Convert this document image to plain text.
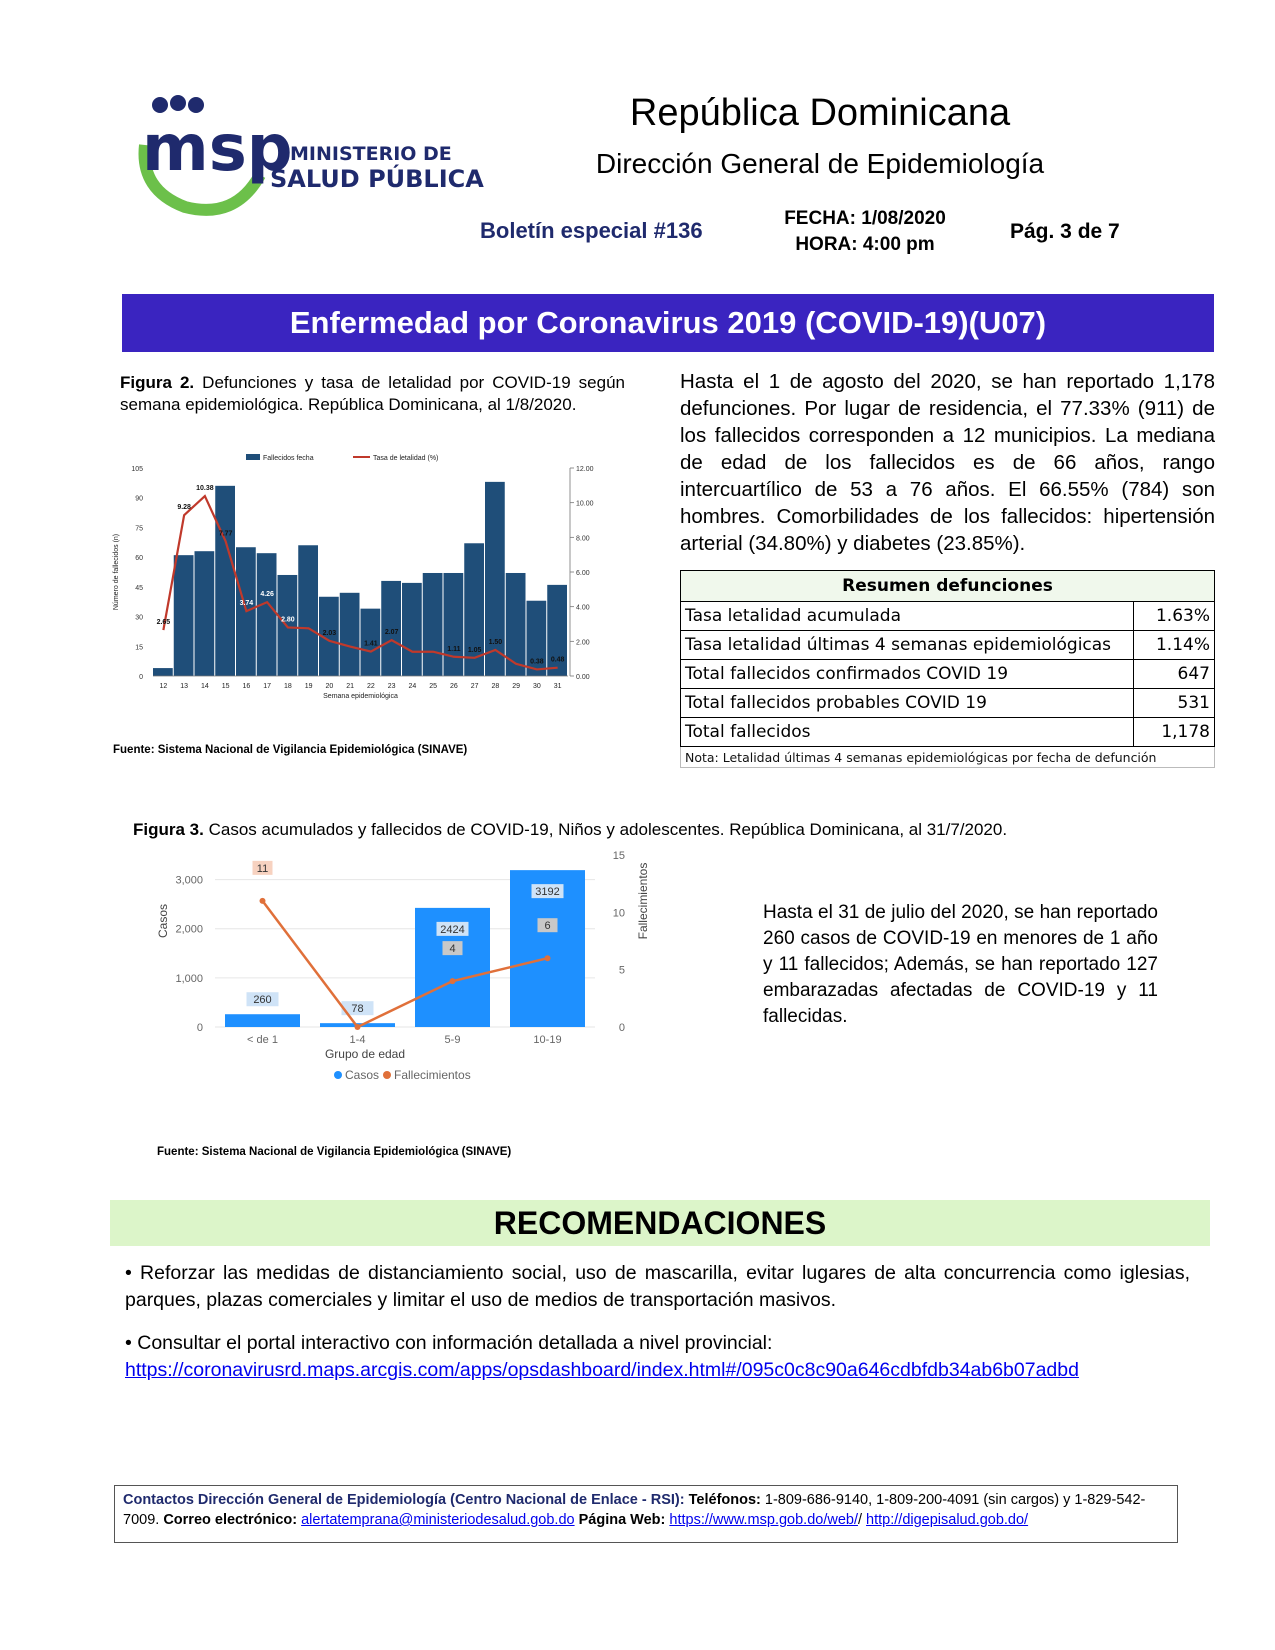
msp
MINISTERIO DE
SALUD PÚBLICA
República Dominicana
Dirección General de Epidemiología
Boletín especial #136	FECHA: 1/08/2020
HORA: 4:00 pm
Pág. 3 de 7
Enfermedad por Coronavirus 2019 (COVID-19)(U07)
Figura 2. Defunciones y tasa de letalidad por COVID-19 según semana epidemiológica. República Dominicana, al 1/8/2020.
0
15
30
45
60
75
90
105
0.00
2.00
4.00
6.00
8.00
10.00
12.00
2.65
9.28
10.38
7.77
3.74
4.26
2.80
2.03
1.41
2.07
1.11 1.05
1.50
0.38 0.48
12 13 14 15 16 17 18 19 20 21 22 23 24 25 26 27 28 29 30 31
Semana epidemiológica
Número de fallecidos (n)
Fallecidos fecha	Tasa de letalidad (%)
Fuente: Sistema Nacional de Vigilancia Epidemiológica (SINAVE)
Hasta el 1 de agosto del 2020, se han reportado 1,178 defunciones. Por lugar de residencia, el 77.33% (911) de los fallecidos corresponden a 12 municipios. La mediana de edad de los fallecidos es de 66 años, rango intercuartílico de 53 a 76 años. El 66.55% (784) son hombres. Comorbilidades de los fallecidos: hipertensión arterial (34.80%) y diabetes (23.85%).
Resumen defunciones	
Tasa letalidad acumulada	1.63%
Tasa letalidad últimas 4 semanas epidemiológicas	1.14%
Total fallecidos confirmados COVID 19	647
Total fallecidos probables COVID 19	531
Total fallecidos	1,178
Nota: Letalidad últimas 4 semanas epidemiológicas por fecha de defunción	
Figura 3. Casos acumulados y fallecidos de COVID-19, Niños y adolescentes. República Dominicana, al 31/7/2020.
0
1,000
2,000
3,000
0
5
10
15
260
78
2424
3192
11
4
6
< de 1	1-4	5-9	10-19
Grupo de edad
Casos	Fallecimientos
Casos Fallecimientos
Fuente: Sistema Nacional de Vigilancia Epidemiológica (SINAVE)
Hasta el 31 de julio del 2020, se han reportado 260 casos de COVID-19 en menores de 1 año y 11 fallecidos; Además, se han reportado 127 embarazadas afectadas de COVID-19 y 11 fallecidas.
RECOMENDACIONES
• Reforzar las medidas de distanciamiento social, uso de mascarilla, evitar lugares de alta concurrencia como iglesias, parques, plazas comerciales y limitar el uso de medios de transportación masivos.
• Consultar el portal interactivo con información detallada a nivel provincial:
https://coronavirusrd.maps.arcgis.com/apps/opsdashboard/index.html#/095c0c8c90a646cdbfdb34ab6b07adbd
Contactos Dirección General de Epidemiología (Centro Nacional de Enlace - RSI): Teléfonos: 1-809-686-9140, 1-809-200-4091 (sin cargos) y 1-829-542-7009. Correo electrónico: alertatemprana@ministeriodesalud.gob.do Página Web: https://www.msp.gob.do/web// http://digepisalud.gob.do/
